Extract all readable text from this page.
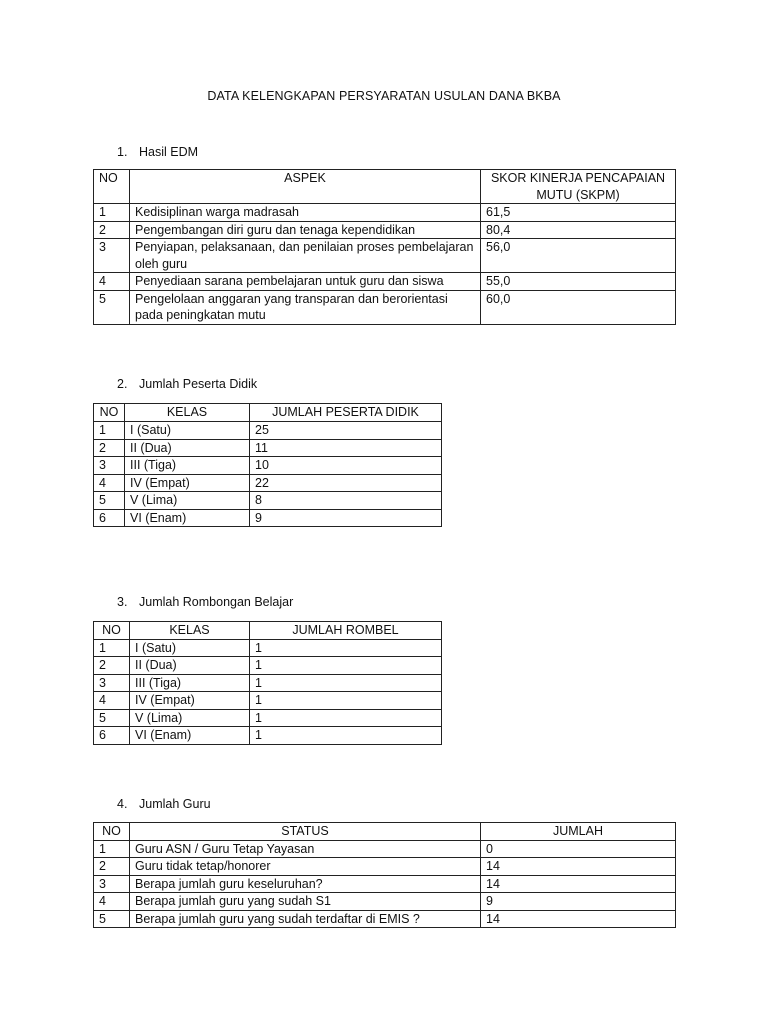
DATA KELENGKAPAN PERSYARATAN USULAN DANA BKBA
1. Hasil EDM
NO	ASPEK	SKOR KINERJA PENCAPAIAN MUTU (SKPM)
1	Kedisiplinan warga madrasah	61,5
2	Pengembangan diri guru dan tenaga kependidikan	80,4
3	Penyiapan, pelaksanaan, dan penilaian proses pembelajaran oleh guru	56,0
4	Penyediaan sarana pembelajaran untuk guru dan siswa	55,0
5	Pengelolaan anggaran yang transparan dan berorientasi pada peningkatan mutu	60,0
2. Jumlah Peserta Didik
NO	KELAS	JUMLAH PESERTA DIDIK
1	I (Satu)	25
2	II (Dua)	11
3	III (Tiga)	10
4	IV (Empat)	22
5	V (Lima)	8
6	VI (Enam)	9
3. Jumlah Rombongan Belajar
NO	KELAS	JUMLAH ROMBEL
1	I (Satu)	1
2	II (Dua)	1
3	III (Tiga)	1
4	IV (Empat)	1
5	V (Lima)	1
6	VI (Enam)	1
4. Jumlah Guru
NO	STATUS	JUMLAH
1	Guru ASN / Guru Tetap Yayasan	0
2	Guru tidak tetap/honorer	14
3	Berapa jumlah guru keseluruhan?	14
4	Berapa jumlah guru yang sudah S1	9
5	Berapa jumlah guru yang sudah terdaftar di EMIS ?	14
